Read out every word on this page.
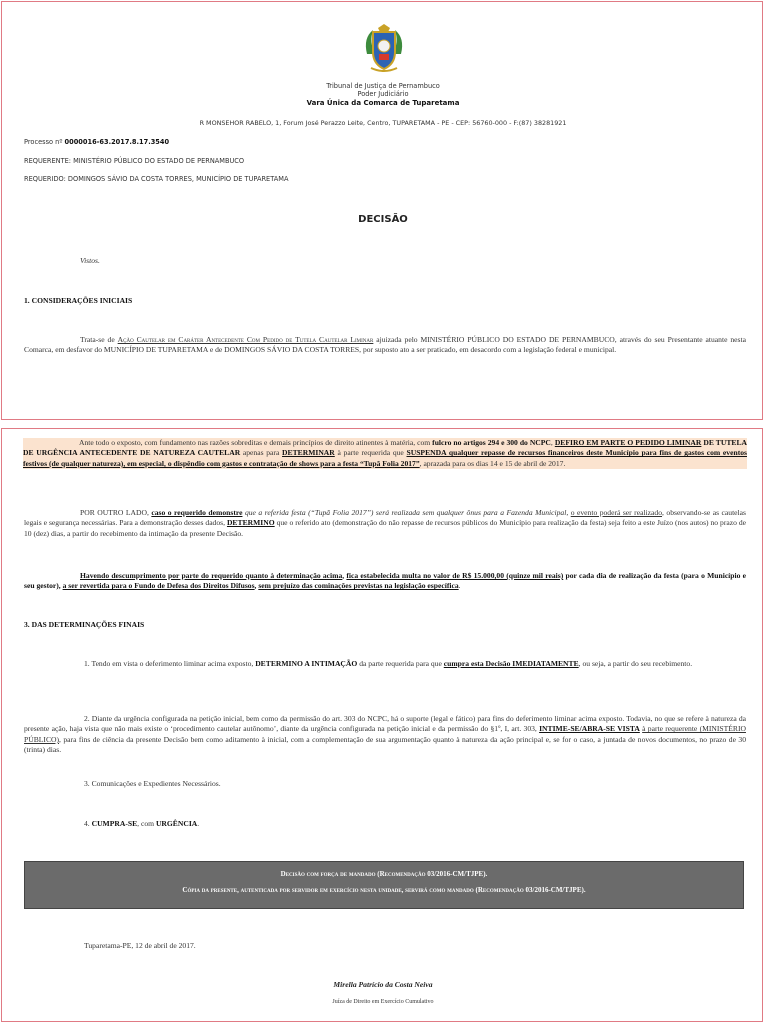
Tribunal de Justiça de Pernambuco
Poder Judiciário
Vara Única da Comarca de Tuparetama
R MONSEHOR RABELO, 1, Forum José Perazzo Leite, Centro, TUPARETAMA - PE - CEP: 56760-000 - F:(87) 38281921
Processo nº 0000016-63.2017.8.17.3540
REQUERENTE: MINISTÉRIO PÚBLICO DO ESTADO DE PERNAMBUCO
REQUERIDO: DOMINGOS SÁVIO DA COSTA TORRES, MUNICÍPIO DE TUPARETAMA
DECISÃO
Vistos.
1. CONSIDERAÇÕES INICIAIS
Trata-se de Ação Cautelar em Caráter Antecedente Com Pedido de Tutela Cautelar Liminar ajuizada pelo MINISTÉRIO PÚBLICO DO ESTADO DE PERNAMBUCO, através do seu Presentante atuante nesta Comarca, em desfavor do MUNICÍPIO DE TUPARETAMA e de DOMINGOS SÁVIO DA COSTA TORRES, por suposto ato a ser praticado, em desacordo com a legislação federal e municipal.
Ante todo o exposto, com fundamento nas razões sobreditas e demais princípios de direito atinentes à matéria, com fulcro no artigos 294 e 300 do NCPC, DEFIRO EM PARTE O PEDIDO LIMINAR DE TUTELA DE URGÊNCIA ANTECEDENTE DE NATUREZA CAUTELAR apenas para DETERMINAR à parte requerida que SUSPENDA qualquer repasse de recursos financeiros deste Município para fins de gastos com eventos festivos (de qualquer natureza), em especial, o dispêndio com gastos e contratação de shows para a festa “Tupã Folia 2017”, aprazada para os dias 14 e 15 de abril de 2017.
POR OUTRO LADO, caso o requerido demonstre que a referida festa (“Tupã Folia 2017”) será realizada sem qualquer ônus para a Fazenda Municipal, o evento poderá ser realizado, observando-se as cautelas legais e segurança necessárias. Para a demonstração desses dados, DETERMINO que o referido ato (demonstração do não repasse de recursos públicos do Município para realização da festa) seja feito a este Juízo (nos autos) no prazo de 10 (dez) dias, a partir do recebimento da intimação da presente Decisão.
Havendo descumprimento por parte do requerido quanto à determinação acima, fica estabelecida multa no valor de R$ 15.000,00 (quinze mil reais) por cada dia de realização da festa (para o Município e seu gestor), a ser revertida para o Fundo de Defesa dos Direitos Difusos, sem prejuízo das cominações previstas na legislação específica.
3. DAS DETERMINAÇÕES FINAIS
1. Tendo em vista o deferimento liminar acima exposto, DETERMINO A INTIMAÇÃO da parte requerida para que cumpra esta Decisão IMEDIATAMENTE, ou seja, a partir do seu recebimento.
2. Diante da urgência configurada na petição inicial, bem como da permissão do art. 303 do NCPC, há o suporte (legal e fático) para fins do deferimento liminar acima exposto. Todavia, no que se refere à natureza da presente ação, haja vista que não mais existe o ‘procedimento cautelar autônomo’, diante da urgência configurada na petição inicial e da permissão do §1º, I, art. 303, INTIME-SE/ABRA-SE VISTA à parte requerente (MINISTÉRIO PÚBLICO), para fins de ciência da presente Decisão bem como aditamento à inicial, com a complementação de sua argumentação quanto à natureza da ação principal e, se for o caso, a juntada de novos documentos, no prazo de 30 (trinta) dias.
3. Comunicações e Expedientes Necessários.
4. CUMPRA-SE, com URGÊNCIA.
Decisão com força de mandado (Recomendação 03/2016-CM/TJPE).
Cópia da presente, autenticada por servidor em exercício nesta unidade, servirá como mandado (Recomendação 03/2016-CM/TJPE).
Tuparetama-PE, 12 de abril de 2017.
Mirella Patrício da Costa Neiva
Juíza de Direito em Exercício Cumulativo
